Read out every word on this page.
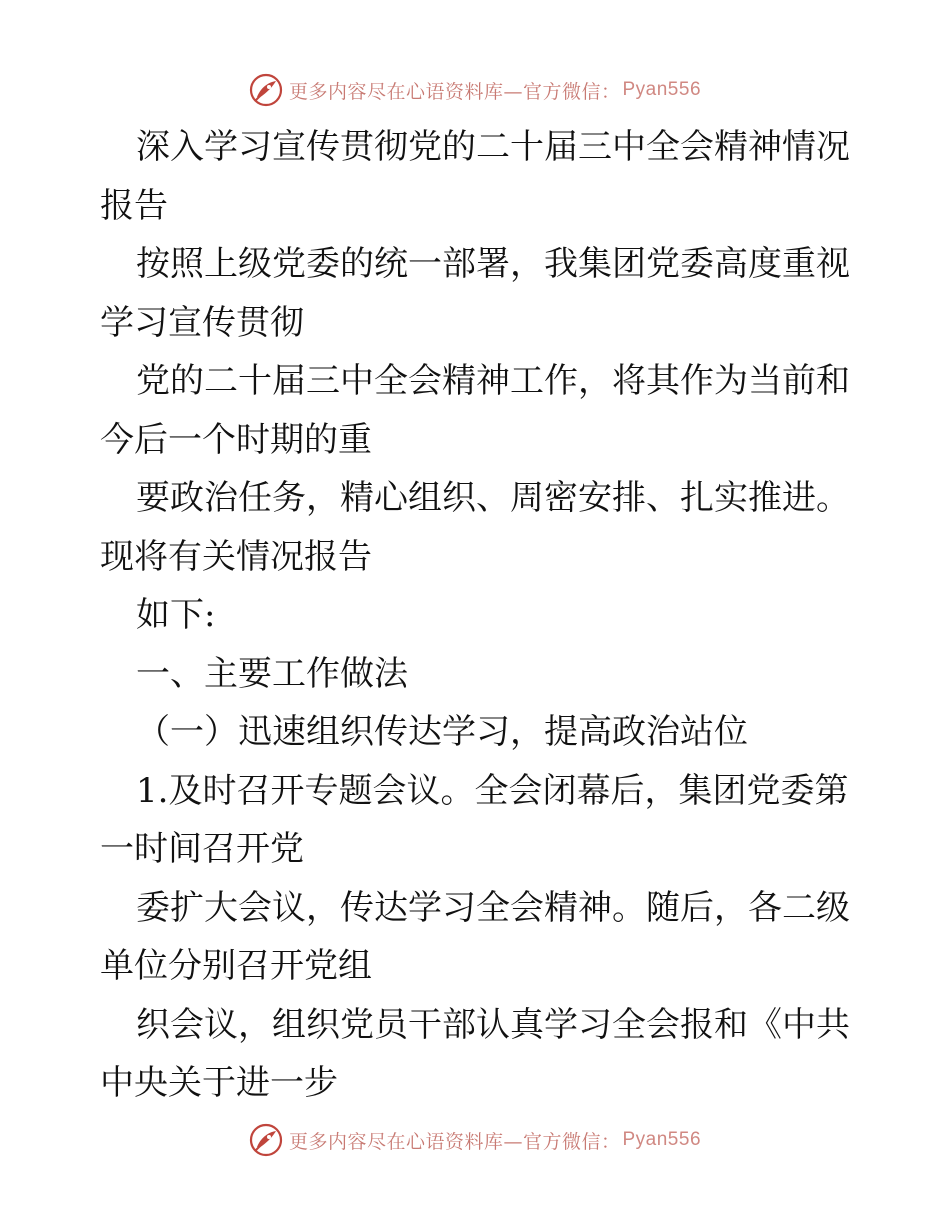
更多内容尽在心语资料库—官方微信： Pyan556
深入学习宣传贯彻党的二十届三中全会精神情况
报告
按照上级党委的统一部署，我集团党委高度重视
学习宣传贯彻
党的二十届三中全会精神工作，将其作为当前和
今后一个时期的重
要政治任务，精心组织、周密安排、扎实推进。
现将有关情况报告
如下:
一、主要工作做法
（一）迅速组织传达学习，提高政治站位
1.及时召开专题会议。全会闭幕后，集团党委第
一时间召开党
委扩大会议，传达学习全会精神。随后，各二级
单位分别召开党组
织会议，组织党员干部认真学习全会报和《中共
中央关于进一步
更多内容尽在心语资料库—官方微信： Pyan556
